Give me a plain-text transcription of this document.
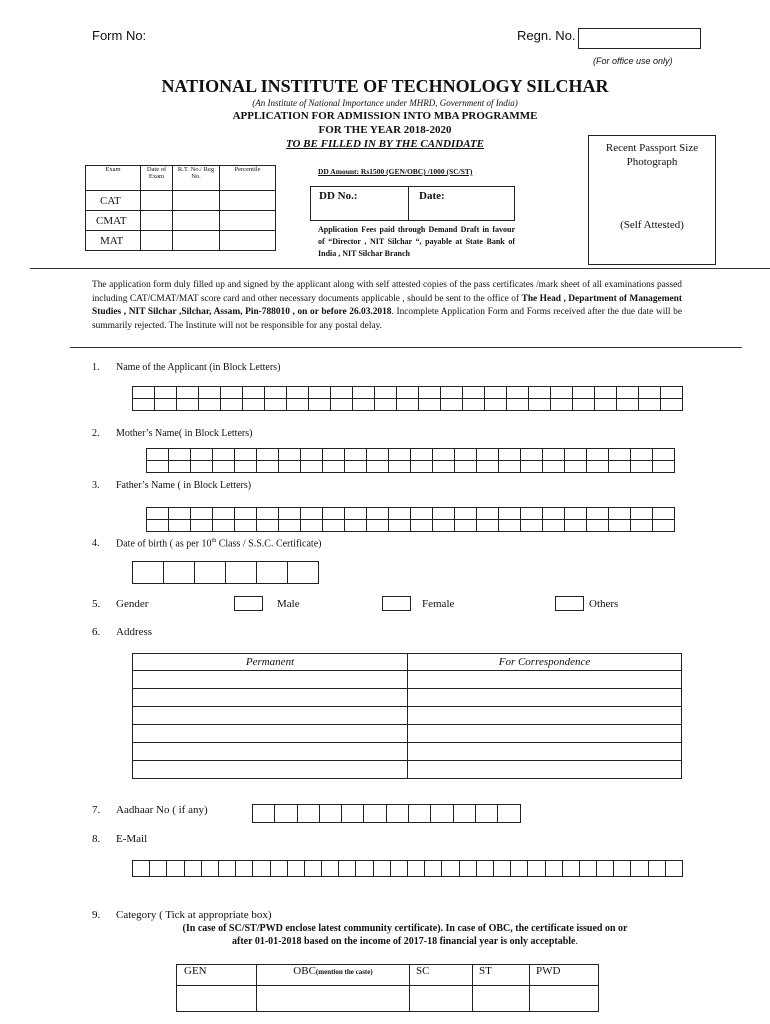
Form No:	Regn. No.
(For office use only)
NATIONAL INSTITUTE OF TECHNOLOGY SILCHAR
(An Institute of National Importance under MHRD, Government of India)
APPLICATION FOR ADMISSION INTO MBA PROGRAMME
FOR THE YEAR 2018-2020
TO BE FILLED IN BY THE CANDIDATE	Recent Passport Size Photograph
(Self Attested)
Exam	Date of Exam	R.T. No./ Reg No.	Percentile
CAT			
CMAT			
MAT			
DD Amount: Rs1500 (GEN/OBC) /1000 (SC/ST)
DD No.:	Date:
Application Fees paid through Demand Draft in favour of “Director , NIT Silchar “, payable at State Bank of India , NIT Silchar Branch
The application form duly filled up and signed by the applicant along with self attested copies of the pass certificates /mark sheet of all examinations passed including CAT/CMAT/MAT score card and other necessary documents applicable , should be sent to the office of The Head , Department of Management Studies , NIT Silchar ,Silchar, Assam, Pin-788010 , on or before 26.03.2018. Incomplete Application Form and Forms received after the due date will be summarily rejected. The Institute will not be responsible for any postal delay.
1. Name of the Applicant (in Block Letters)
2. Mother’s Name( in Block Letters)
3. Father’s Name ( in Block Letters)
4. Date of birth ( as per 10th Class / S.S.C. Certificate)
5. Gender	Male	Female	Others
6. Address
Permanent	For Correspondence

7. Aadhaar No ( if any)
8. E-Mail
9. Category ( Tick at appropriate box)
(In case of SC/ST/PWD enclose latest community certificate). In case of OBC, the certificate issued on or
after 01-01-2018 based on the income of 2017-18 financial year is only acceptable.
GEN	OBC(mention the caste)	SC	ST	PWD
